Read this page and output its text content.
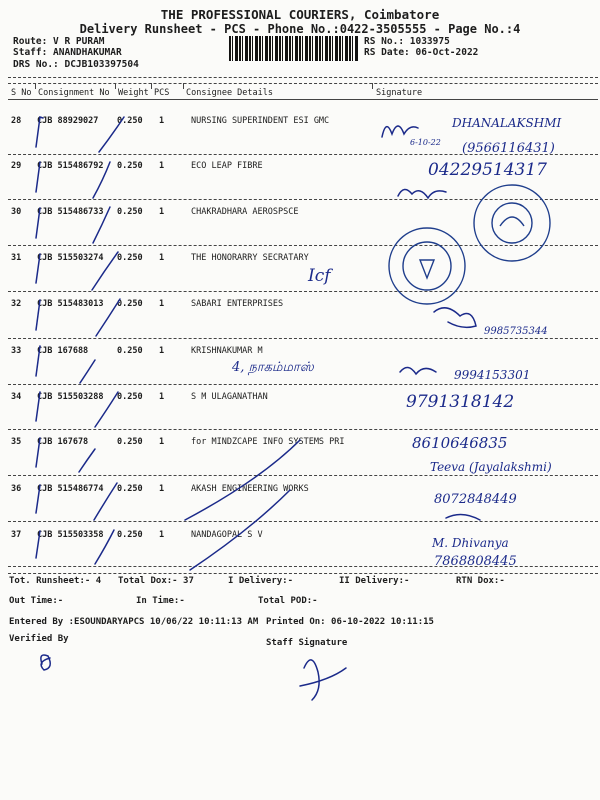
THE PROFESSIONAL COURIERS, Coimbatore
Delivery Runsheet - PCS - Phone No.:0422-3505555 - Page No.:4
Route: V R PURAM
Staff: ANANDHAKUMAR
DRS No.: DCJB103397504
RS No.: 1033975
RS Date: 06-Oct-2022
S No Consignment No Weight PCS Consignee Details	Signature
28 CJB 88929027 0.250 1	NURSING SUPERINDENT ESI GMC
29 CJB 515486792 0.250 1	ECO LEAP FIBRE
30 CJB 515486733 0.250 1	CHAKRADHARA AEROSPSCE
31 CJB 515503274 0.250 1	THE HONORARRY SECRATARY
32 CJB 515483013 0.250 1	SABARI ENTERPRISES
33 CJB 167688	0.250 1	KRISHNAKUMAR M
34 CJB 515503288 0.250 1	S M ULAGANATHAN
35 CJB 167678	0.250 1	for MINDZCAPE INFO SYSTEMS PRI
36 CJB 515486774 0.250 1	AKASH ENGINEERING WORKS
37 CJB 515503358 0.250 1	NANDAGOPAL S V
DHANALAKSHMI
6-10-22 (9566116431)
04229514317
Icf
9985735344
4, நாகம்மாஸ்	9994153301
9791318142
8610646835
Teeva (Jayalakshmi)
8072848449
M. Dhivanya
7868808445
Tot. Runsheet:- 4 Total Dox:- 37	I Delivery:-	II Delivery:-	RTN Dox:-
Out Time:-	In Time:-	Total POD:-
Entered By :ESOUNDARYAPCS 10/06/22 10:11:13 AM Printed On: 06-10-2022 10:11:15
Verified By	Staff Signature
